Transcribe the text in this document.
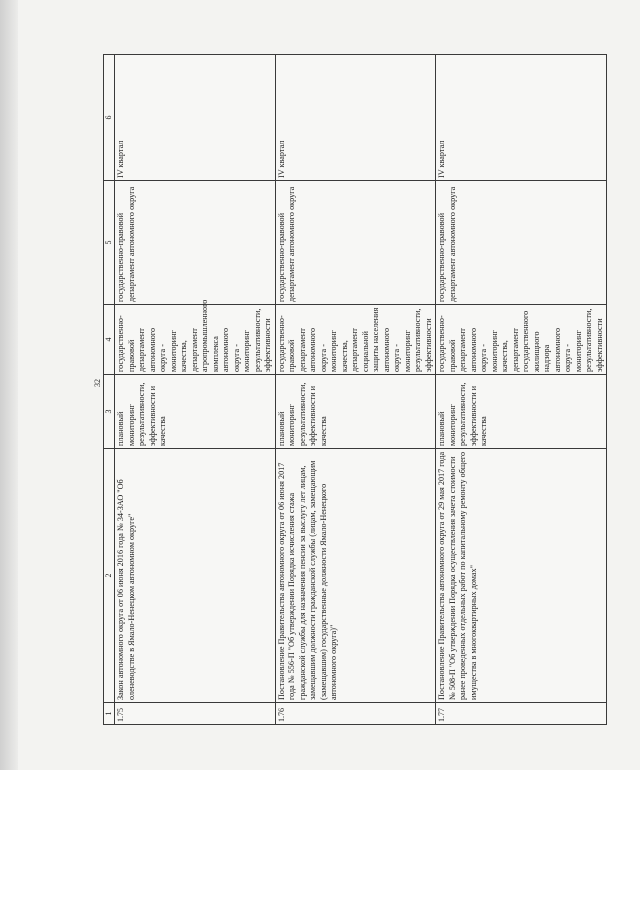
32
1	2	3	4	5	6
1.75	Закон автономного округа от 06 июня 2016 года № 34-ЗАО "Об оленеводстве в Ямало-Ненецком автономном округе"	плановый мониторинг результативности, эффективности и качества	государственно-правовой департамент автономного округа - мониторинг качества, департамент агропромышленного комплекса автономного округа - мониторинг результативности, эффективности	государственно-правовой департамент автономного округа	IV квартал
1.76	Постановление Правительства автономного округа от 06 июня 2017 года № 556-П "Об утверждении Порядка исчисления стажа гражданской службы для назначения пенсии за выслугу лет лицам, замещавшим должности гражданской службы (лицам, замещающим (замещавшим) государственные должности Ямало-Ненецкого автономного округа)"	плановый мониторинг результативности, эффективности и качества	государственно-правовой департамент автономного округа - мониторинг качества, департамент социальной защиты населения автономного округа - мониторинг результативности, эффективности	государственно-правовой департамент автономного округа	IV квартал
1.77	Постановление Правительства автономного округа от 29 мая 2017 года № 508-П "Об утверждении Порядка осуществления зачета стоимости ранее проведенных отдельных работ по капитальному ремонту общего имущества в многоквартирных домах"	плановый мониторинг результативности, эффективности и качества	государственно-правовой департамент автономного округа - мониторинг качества, департамент государственного жилищного надзора автономного округа - мониторинг результативности, эффективности	государственно-правовой департамент автономного округа	IV квартал
